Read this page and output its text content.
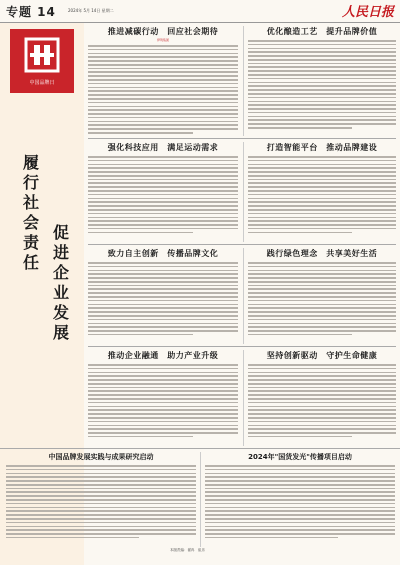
专题 14	2024年 5月 14日 星期二	人民日报
中国品牌日
履行社会责任
促进企业发展
推进减碳行动　回应社会期待
伊利集团
优化酿造工艺　提升品牌价值
强化科技应用　满足运动需求	打造智能平台　推动品牌建设
致力自主创新　传播品牌文化	践行绿色理念　共享美好生活
推动企业融通　助力产业升级	坚持创新驱动　守护生命健康
中国品牌发展实践与成果研究启动	2024年"国货发光"传播项目启动
本版责编：翟冉　崔乐
